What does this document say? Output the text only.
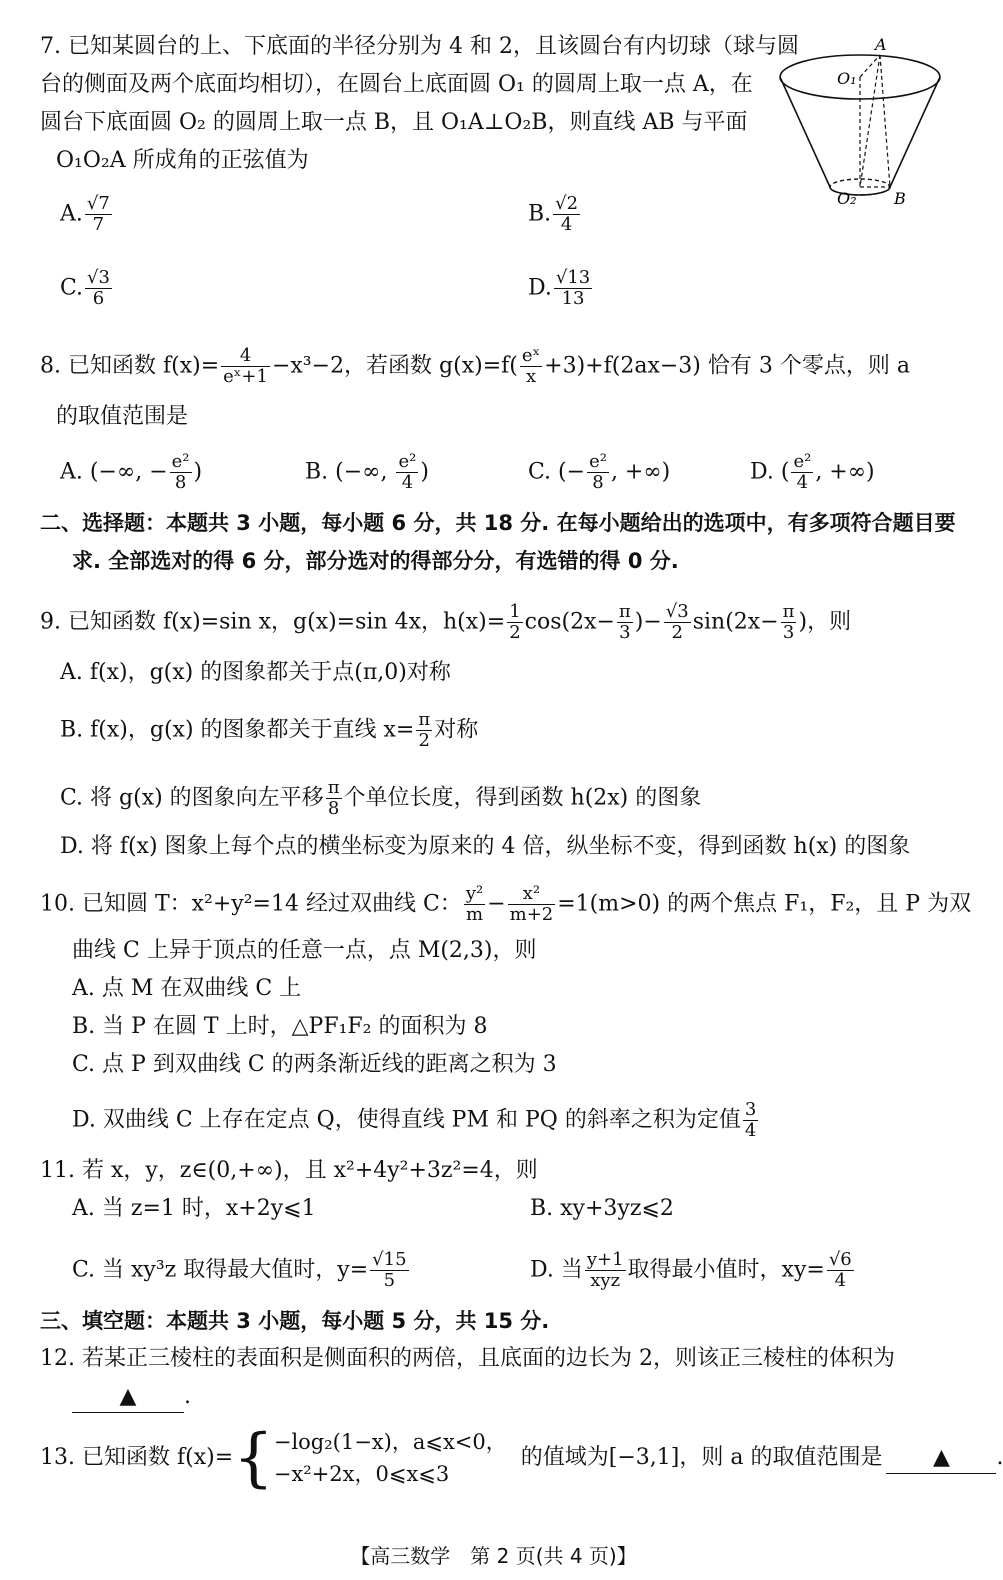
7. 已知某圆台的上、下底面的半径分别为 4 和 2，且该圆台有内切球（球与圆
台的侧面及两个底面均相切），在圆台上底面圆 O₁ 的圆周上取一点 A，在
圆台下底面圆 O₂ 的圆周上取一点 B，且 O₁A⊥O₂B，则直线 AB 与平面
O₁O₂A 所成角的正弦值为
A. $\frac{√7}{7}$	B. $\frac{√2}{4}$
C. $\frac{√3}{6}$	D. $\frac{√13}{13}$
A
O₁
O₂ B
8. 已知函数 $f(x)= \frac{4}{\text{eˣ+1}} -x^3-2$，若函数 $g(x)=f( \frac{\text{eˣ}}{x} +3)+f(2ax-3)$ 恰有 3 个零点，则 a
的取值范围是
A. (−∞, − $\frac{\text{e²}}{8}$ )	B. (−∞, $\frac{\text{e²}}{4}$ )	C. (− $\frac{\text{e²}}{8}$ , +∞)	D. ( $\frac{\text{e²}}{4}$ , +∞)
二、选择题：本题共 3 小题，每小题 6 分，共 18 分. 在每小题给出的选项中，有多项符合题目要
求. 全部选对的得 6 分，部分选对的得部分分，有选错的得 0 分.
9. 已知函数 f(x)=sin x，g(x)=sin 4x，$h(x)= \frac{1}{2} \cos(2x- \frac{\pi}{3}$ )− $\frac{√3}{2} \sin(2x- \frac{\pi}{3}$ )，则
A. f(x)，g(x) 的图象都关于点(π,0)对称
B. f(x)，g(x) 的图象都关于直线 $x= \frac{\pi}{2}$ 对称
C. 将 g(x) 的图象向左平移 $\frac{\pi}{8}$ 个单位长度，得到函数 h(2x) 的图象
D. 将 f(x) 图象上每个点的横坐标变为原来的 4 倍，纵坐标不变，得到函数 h(x) 的图象
10. 已知圆 T：x²+y²=14 经过双曲线 C： $\frac{\text{y²}}{m} - \frac{\text{x²}}{m+2} =1(m>0)$ 的两个焦点 F₁，F₂，且 P 为双
曲线 C 上异于顶点的任意一点，点 M(2,3)，则
A. 点 M 在双曲线 C 上
B. 当 P 在圆 T 上时，△PF₁F₂ 的面积为 8
C. 点 P 到双曲线 C 的两条渐近线的距离之积为 3
D. 双曲线 C 上存在定点 Q，使得直线 PM 和 PQ 的斜率之积为定值 $\frac{3}{4}$
11. 若 x，y，z∈(0,+∞)，且 x²+4y²+3z²=4，则
A. 当 z=1 时，x+2y⩽1	B. xy+3yz⩽2
C. 当 xy³z 取得最大值时，$y= \frac{√15}{5}$	D. 当 $\frac{y+1}{\text{xyz}}$ 取得最小值时，$xy= \frac{√6}{4}$
三、填空题：本题共 3 小题，每小题 5 分，共 15 分.
12. 若某正三棱柱的表面积是侧面积的两倍，且底面的边长为 2，则该正三棱柱的体积为
▲ .
13. 已知函数 f(x)={ −log₂(1−x)，a⩽x<0，
−x²+2x，0⩽x⩽3
的值域为[−3,1]，则 a 的取值范围是 ▲ .
【高三数学　第 2 页(共 4 页)】
